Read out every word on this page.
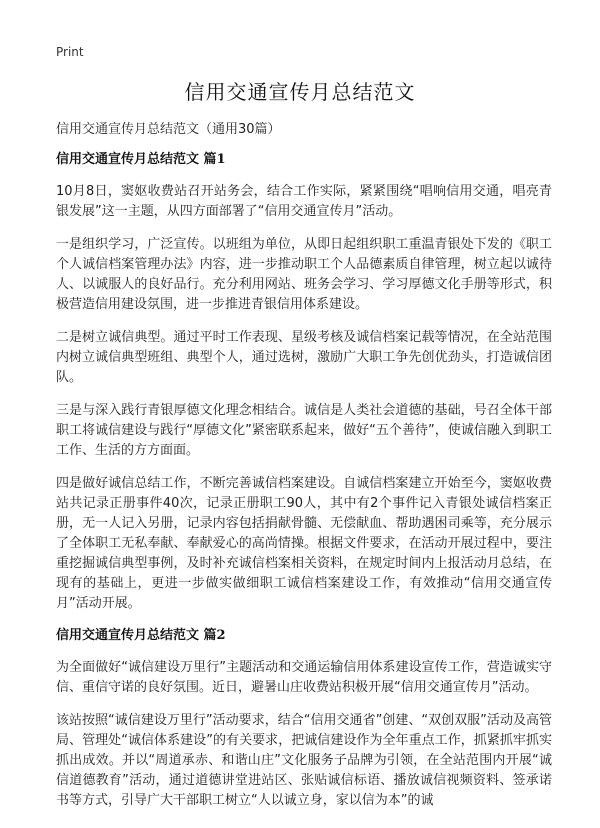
Print
信用交通宣传月总结范文

信用交通宣传月总结范文（通用30篇）

信用交通宣传月总结范文 篇1

10月8日，窦妪收费站召开站务会，结合工作实际，紧紧围绕“唱响信用交通，唱亮青银发展”这一主题，从四方面部署了“信用交通宣传月”活动。

一是组织学习，广泛宣传。以班组为单位，从即日起组织职工重温青银处下发的《职工个人诚信档案管理办法》内容，进一步推动职工个人品德素质自律管理，树立起以诚待人、以诚服人的良好品行。充分利用网站、班务会学习、学习厚德文化手册等形式，积极营造信用建设氛围，进一步推进青银信用体系建设。

二是树立诚信典型。通过平时工作表现、星级考核及诚信档案记载等情况，在全站范围内树立诚信典型班组、典型个人，通过选树，激励广大职工争先创优劲头，打造诚信团队。

三是与深入践行青银厚德文化理念相结合。诚信是人类社会道德的基础，号召全体干部职工将诚信建设与践行“厚德文化”紧密联系起来，做好“五个善待”，使诚信融入到职工工作、生活的方方面面。

四是做好诚信总结工作，不断完善诚信档案建设。自诚信档案建立开始至今，窦妪收费站共记录正册事件40次，记录正册职工90人，其中有2个事件记入青银处诚信档案正册，无一人记入另册，记录内容包括捐献骨髓、无偿献血、帮助遇困司乘等，充分展示了全体职工无私奉献、奉献爱心的高尚情操。根据文件要求，在活动开展过程中，要注重挖掘诚信典型事例，及时补充诚信档案相关资料，在规定时间内上报活动月总结，在现有的基础上，更进一步做实做细职工诚信档案建设工作，有效推动“信用交通宣传月”活动开展。

信用交通宣传月总结范文 篇2

为全面做好“诚信建设万里行”主题活动和交通运输信用体系建设宣传工作，营造诚实守信、重信守诺的良好氛围。近日，避暑山庄收费站积极开展“信用交通宣传月”活动。

该站按照“诚信建设万里行”活动要求，结合“信用交通省”创建、“双创双服”活动及高管局、管理处“诚信体系建设”的有关要求，把诚信建设作为全年重点工作，抓紧抓牢抓实抓出成效。并以“周道承赤、和谐山庄”文化服务子品牌为引领，在全站范围内开展“诚信道德教育”活动，通过道德讲堂进站区、张贴诚信标语、播放诚信视频资料、签承诺书等方式，引导广大干部职工树立“人以诚立身，家以信为本”的诚
